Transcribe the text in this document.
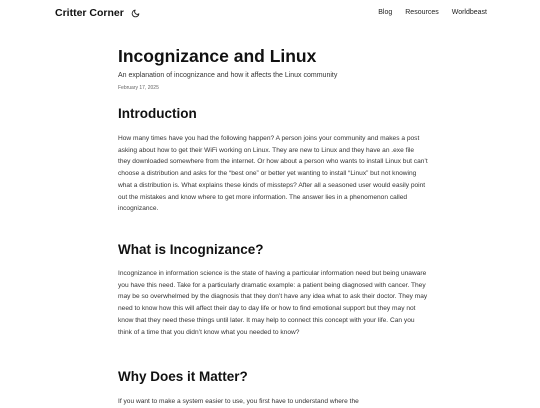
Critter Corner	Blog Resources Worldbeast
Incognizance and Linux

An explanation of incognizance and how it affects the Linux community

February 17, 2025

Introduction

How many times have you had the following happen? A person joins your community and makes a post asking about how to get their WiFi working on Linux. They are new to Linux and they have an .exe file they downloaded somewhere from the internet. Or how about a person who wants to install Linux but can’t choose a distribution and asks for the “best one” or better yet wanting to install “Linux” but not knowing what a distribution is. What explains these kinds of missteps? After all a seasoned user would easily point out the mistakes and know where to get more information. The answer lies in a phenomenon called incognizance.

What is Incognizance?

Incognizance in information science is the state of having a particular information need but being unaware you have this need. Take for a particularly dramatic example: a patient being diagnosed with cancer. They may be so overwhelmed by the diagnosis that they don’t have any idea what to ask their doctor. They may need to know how this will affect their day to day life or how to find emotional support but they may not know that they need these things until later. It may help to connect this concept with your life. Can you think of a time that you didn’t know what you needed to know?

Why Does it Matter?

If you want to make a system easier to use, you first have to understand where the
